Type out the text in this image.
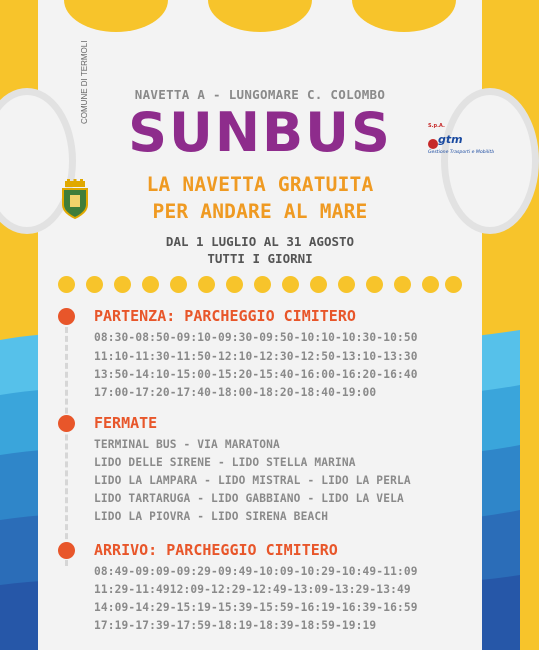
COMUNE DI TERMOLI
S.p.A.
gtm
Gestione Trasporti e Mobilità
NAVETTA A - LUNGOMARE C. COLOMBO
SUNBUS
LA NAVETTA GRATUITA
PER ANDARE AL MARE
DAL 1 LUGLIO AL 31 AGOSTO
TUTTI I GIORNI
PARTENZA: PARCHEGGIO CIMITERO
08:30-08:50-09:10-09:30-09:50-10:10-10:30-10:50
11:10-11:30-11:50-12:10-12:30-12:50-13:10-13:30
13:50-14:10-15:00-15:20-15:40-16:00-16:20-16:40
17:00-17:20-17:40-18:00-18:20-18:40-19:00
FERMATE
TERMINAL BUS - VIA MARATONA
LIDO DELLE SIRENE - LIDO STELLA MARINA
LIDO LA LAMPARA - LIDO MISTRAL - LIDO LA PERLA
LIDO TARTARUGA - LIDO GABBIANO - LIDO LA VELA
LIDO LA PIOVRA - LIDO SIRENA BEACH
ARRIVO: PARCHEGGIO CIMITERO
08:49-09:09-09:29-09:49-10:09-10:29-10:49-11:09
11:29-11:4912:09-12:29-12:49-13:09-13:29-13:49
14:09-14:29-15:19-15:39-15:59-16:19-16:39-16:59
17:19-17:39-17:59-18:19-18:39-18:59-19:19
